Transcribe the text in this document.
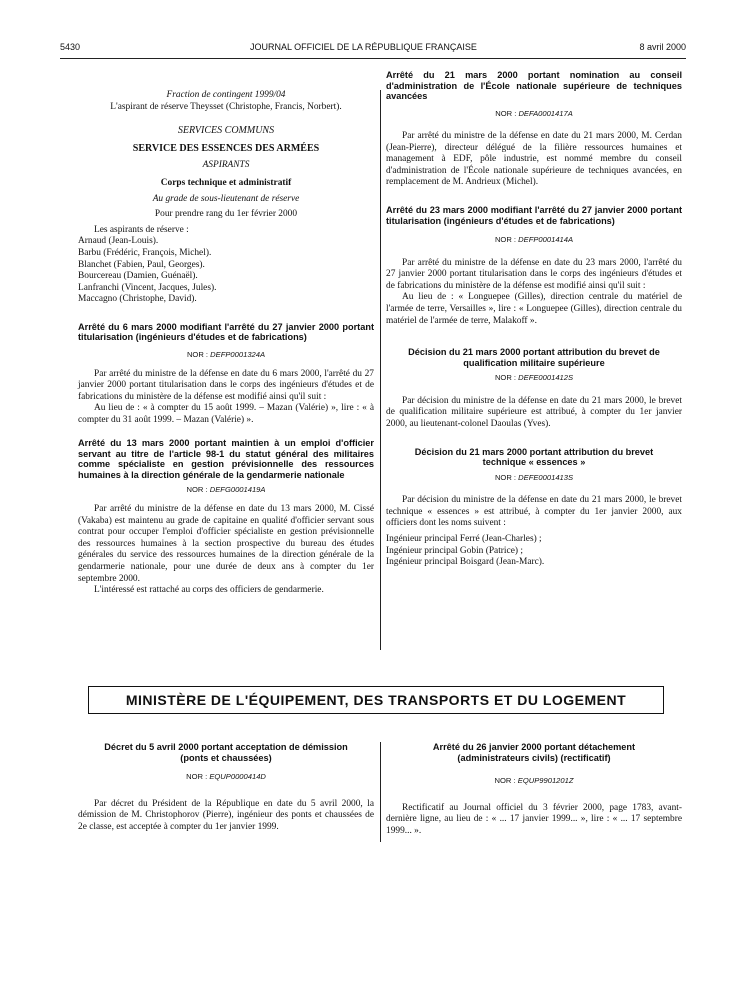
5430	JOURNAL OFFICIEL DE LA RÉPUBLIQUE FRANÇAISE	8 avril 2000
Fraction de contingent 1999/04
L'aspirant de réserve Theysset (Christophe, Francis, Norbert).
SERVICES COMMUNS
SERVICE DES ESSENCES DES ARMÉES
ASPIRANTS
Corps technique et administratif
Au grade de sous-lieutenant de réserve
Pour prendre rang du 1er février 2000

Les aspirants de réserve :

Arnaud (Jean-Louis).
Barbu (Frédéric, François, Michel).
Blanchet (Fabien, Paul, Georges).
Bourcereau (Damien, Guénaël).
Lanfranchi (Vincent, Jacques, Jules).
Maccagno (Christophe, David).
Arrêté du 6 mars 2000 modifiant l'arrêté du 27 janvier 2000 portant titularisation (ingénieurs d'études et de fabrications)
NOR : DEFP0001324A

Par arrêté du ministre de la défense en date du 6 mars 2000, l'arrêté du 27 janvier 2000 portant titularisation dans le corps des ingénieurs d'études et de fabrications du ministère de la défense est modifié ainsi qu'il suit :

Au lieu de : « à compter du 15 août 1999. – Mazan (Valérie) », lire : « à compter du 31 août 1999. – Mazan (Valérie) ».

Arrêté du 13 mars 2000 portant maintien à un emploi d'officier servant au titre de l'article 98-1 du statut général des militaires comme spécialiste en gestion prévisionnelle des ressources humaines à la direction générale de la gendarmerie nationale
NOR : DEFG0001419A

Par arrêté du ministre de la défense en date du 13 mars 2000, M. Cissé (Vakaba) est maintenu au grade de capitaine en qualité d'officier servant sous contrat pour occuper l'emploi d'officier spécialiste en gestion prévisionnelle des ressources humaines à la section prospective du bureau des études générales du service des ressources humaines de la direction générale de la gendarmerie nationale, pour une durée de deux ans à compter du 1er septembre 2000.

L'intéressé est rattaché au corps des officiers de gendarmerie.

Arrêté du 21 mars 2000 portant nomination au conseil d'administration de l'École nationale supérieure de techniques avancées
NOR : DEFA0001417A

Par arrêté du ministre de la défense en date du 21 mars 2000, M. Cerdan (Jean-Pierre), directeur délégué de la filière ressources humaines et management à EDF, pôle industrie, est nommé membre du conseil d'administration de l'École nationale supérieure de techniques avancées, en remplacement de M. Andrieux (Michel).

Arrêté du 23 mars 2000 modifiant l'arrêté du 27 janvier 2000 portant titularisation (ingénieurs d'études et de fabrications)
NOR : DEFP0001414A

Par arrêté du ministre de la défense en date du 23 mars 2000, l'arrêté du 27 janvier 2000 portant titularisation dans le corps des ingénieurs d'études et de fabrications du ministère de la défense est modifié ainsi qu'il suit :

Au lieu de : « Longuepee (Gilles), direction centrale du matériel de l'armée de terre, Versailles », lire : « Longuepee (Gilles), direction centrale du matériel de l'armée de terre, Malakoff ».

Décision du 21 mars 2000 portant attribution du brevet de qualification militaire supérieure
NOR : DEFE0001412S

Par décision du ministre de la défense en date du 21 mars 2000, le brevet de qualification militaire supérieure est attribué, à compter du 1er janvier 2000, au lieutenant-colonel Daoulas (Yves).

Décision du 21 mars 2000 portant attribution du brevet technique « essences »
NOR : DEFE0001413S

Par décision du ministre de la défense en date du 21 mars 2000, le brevet technique « essences » est attribué, à compter du 1er janvier 2000, aux officiers dont les noms suivent :

Ingénieur principal Ferré (Jean-Charles) ;
Ingénieur principal Gobin (Patrice) ;
Ingénieur principal Boisgard (Jean-Marc).
MINISTÈRE DE L'ÉQUIPEMENT, DES TRANSPORTS ET DU LOGEMENT
Décret du 5 avril 2000 portant acceptation de démission (ponts et chaussées)
NOR : EQUP0000414D

Par décret du Président de la République en date du 5 avril 2000, la démission de M. Christophorov (Pierre), ingénieur des ponts et chaussées de 2e classe, est acceptée à compter du 1er janvier 1999.

Arrêté du 26 janvier 2000 portant détachement (administrateurs civils) (rectificatif)
NOR : EQUP9901201Z

Rectificatif au Journal officiel du 3 février 2000, page 1783, avant-dernière ligne, au lieu de : « ... 17 janvier 1999... », lire : « ... 17 septembre 1999... ».
